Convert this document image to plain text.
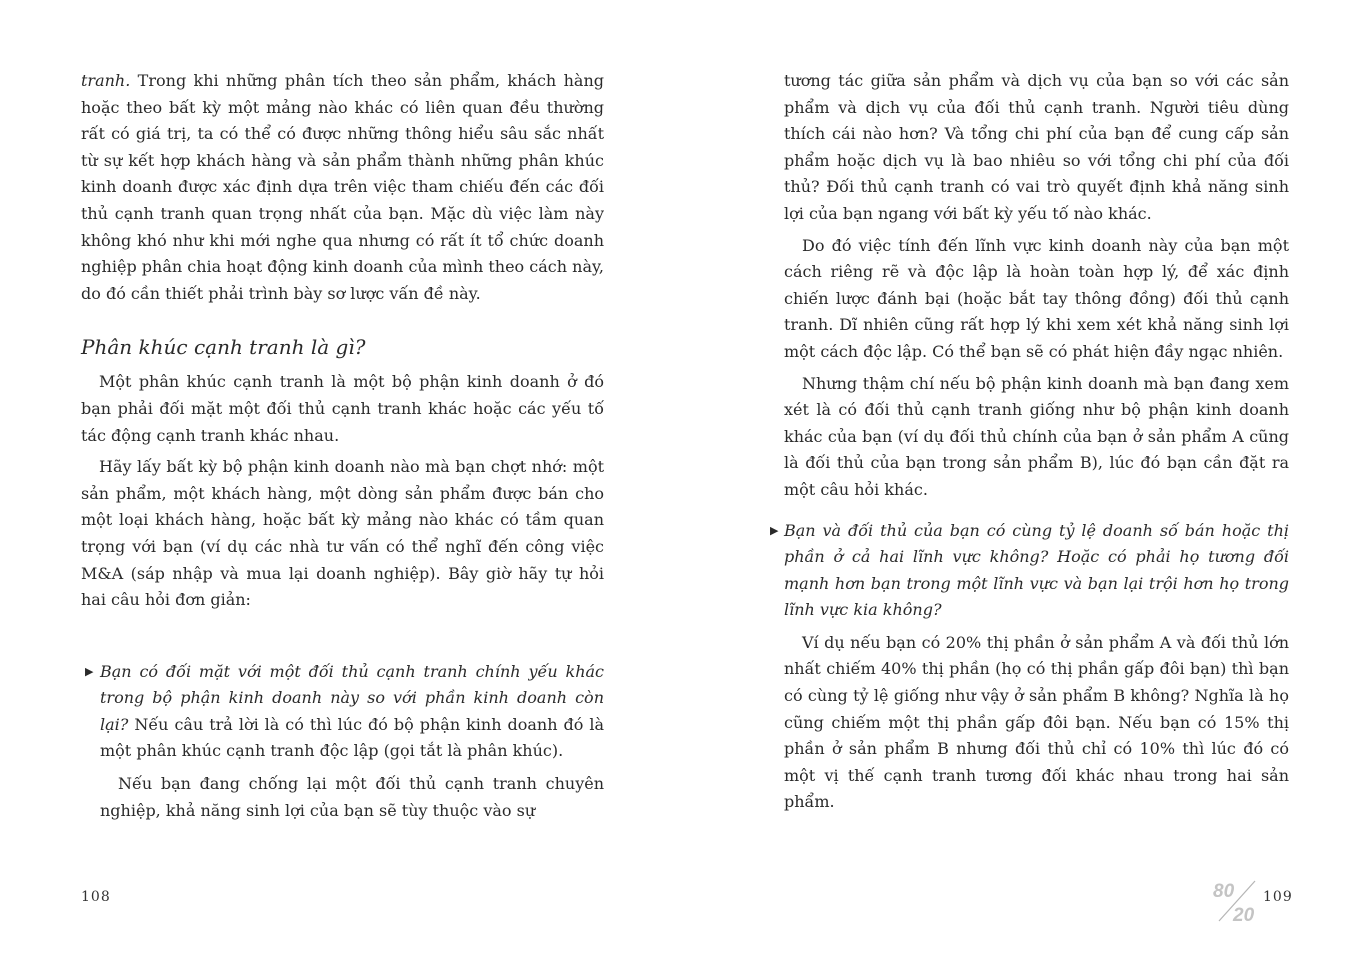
tranh. Trong khi những phân tích theo sản phẩm, khách hàng hoặc theo bất kỳ một mảng nào khác có liên quan đều thường rất có giá trị, ta có thể có được những thông hiểu sâu sắc nhất từ sự kết hợp khách hàng và sản phẩm thành những phân khúc kinh doanh được xác định dựa trên việc tham chiếu đến các đối thủ cạnh tranh quan trọng nhất của bạn. Mặc dù việc làm này không khó như khi mới nghe qua nhưng có rất ít tổ chức doanh nghiệp phân chia hoạt động kinh doanh của mình theo cách này, do đó cần thiết phải trình bày sơ lược vấn đề này.

Phân khúc cạnh tranh là gì?

Một phân khúc cạnh tranh là một bộ phận kinh doanh ở đó bạn phải đối mặt một đối thủ cạnh tranh khác hoặc các yếu tố tác động cạnh tranh khác nhau.

Hãy lấy bất kỳ bộ phận kinh doanh nào mà bạn chợt nhớ: một sản phẩm, một khách hàng, một dòng sản phẩm được bán cho một loại khách hàng, hoặc bất kỳ mảng nào khác có tầm quan trọng với bạn (ví dụ các nhà tư vấn có thể nghĩ đến công việc M&A (sáp nhập và mua lại doanh nghiệp). Bây giờ hãy tự hỏi hai câu hỏi đơn giản:

▶ Bạn có đối mặt với một đối thủ cạnh tranh chính yếu khác trong bộ phận kinh doanh này so với phần kinh doanh còn lại? Nếu câu trả lời là có thì lúc đó bộ phận kinh doanh đó là một phân khúc cạnh tranh độc lập (gọi tắt là phân khúc).

Nếu bạn đang chống lại một đối thủ cạnh tranh chuyên nghiệp, khả năng sinh lợi của bạn sẽ tùy thuộc vào sự

108

tương tác giữa sản phẩm và dịch vụ của bạn so với các sản phẩm và dịch vụ của đối thủ cạnh tranh. Người tiêu dùng thích cái nào hơn? Và tổng chi phí của bạn để cung cấp sản phẩm hoặc dịch vụ là bao nhiêu so với tổng chi phí của đối thủ? Đối thủ cạnh tranh có vai trò quyết định khả năng sinh lợi của bạn ngang với bất kỳ yếu tố nào khác.

Do đó việc tính đến lĩnh vực kinh doanh này của bạn một cách riêng rẽ và độc lập là hoàn toàn hợp lý, để xác định chiến lược đánh bại (hoặc bắt tay thông đồng) đối thủ cạnh tranh. Dĩ nhiên cũng rất hợp lý khi xem xét khả năng sinh lợi một cách độc lập. Có thể bạn sẽ có phát hiện đầy ngạc nhiên.

Nhưng thậm chí nếu bộ phận kinh doanh mà bạn đang xem xét là có đối thủ cạnh tranh giống như bộ phận kinh doanh khác của bạn (ví dụ đối thủ chính của bạn ở sản phẩm A cũng là đối thủ của bạn trong sản phẩm B), lúc đó bạn cần đặt ra một câu hỏi khác.

▶ Bạn và đối thủ của bạn có cùng tỷ lệ doanh số bán hoặc thị phần ở cả hai lĩnh vực không? Hoặc có phải họ tương đối mạnh hơn bạn trong một lĩnh vực và bạn lại trội hơn họ trong lĩnh vực kia không?

Ví dụ nếu bạn có 20% thị phần ở sản phẩm A và đối thủ lớn nhất chiếm 40% thị phần (họ có thị phần gấp đôi bạn) thì bạn có cùng tỷ lệ giống như vậy ở sản phẩm B không? Nghĩa là họ cũng chiếm một thị phần gấp đôi bạn. Nếu bạn có 15% thị phần ở sản phẩm B nhưng đối thủ chỉ có 10% thì lúc đó có một vị thế cạnh tranh tương đối khác nhau trong hai sản phẩm.

80
20
109
